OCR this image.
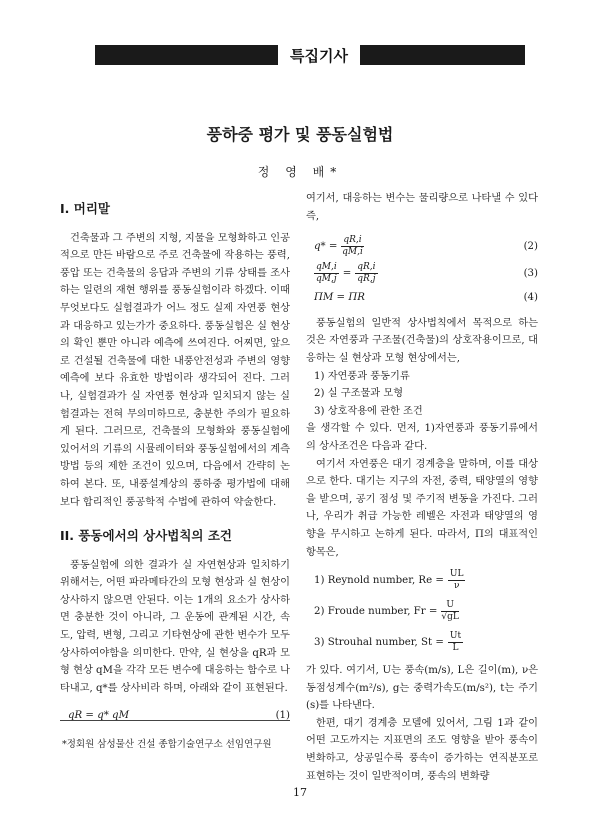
특집기사
풍하중 평가 및 풍동실험법
정 영 배*
I. 머리말

건축물과 그 주변의 지형, 지물을 모형화하고 인공적으로 만든 바람으로 주로 건축물에 작용하는 풍력, 풍압 또는 건축물의 응답과 주변의 기류 상태를 조사하는 일련의 재현 행위를 풍동실험이라 하겠다. 이때 무엇보다도 실험결과가 어느 정도 실제 자연풍 현상과 대응하고 있는가가 중요하다. 풍동실험은 실 현상의 확인 뿐만 아니라 예측에 쓰여진다. 어찌면, 앞으로 건설될 건축물에 대한 내풍안전성과 주변의 영향 예측에 보다 유효한 방법이라 생각되어 진다. 그러나, 실험결과가 실 자연풍 현상과 일치되지 않는 실험결과는 전혀 무의미하므로, 충분한 주의가 필요하게 된다. 그러므로, 건축물의 모형화와 풍동실험에 있어서의 기류의 시뮬레이터와 풍동실험에서의 계측방법 등의 제한 조건이 있으며, 다음에서 간략히 논하여 본다. 또, 내풍설계상의 풍하중 평가법에 대해 보다 합리적인 풍공학적 수법에 관하여 약술한다.

II. 풍동에서의 상사법칙의 조건

풍동실험에 의한 결과가 실 자연현상과 일치하기 위해서는, 어떤 파라메타간의 모형 현상과 실 현상이 상사하지 않으면 안된다. 이는 1개의 요소가 상사하면 충분한 것이 아니라, 그 운동에 관계된 시간, 속도, 압력, 변형, 그리고 기타현상에 관한 변수가 모두 상사하여야함을 의미한다. 만약, 실 현상을 qR과 모형 현상 qM을 각각 모든 변수에 대응하는 함수로 나타내고, q*를 상사비라 하며, 아래와 같이 표현된다.

qR = q* qM	(1)

여기서, 대응하는 변수는 물리량으로 나타낼 수 있다 즉,

$q* = \frac{qR,i}{qM,i}$	(2)
$\frac{qM,i}{qM,j} = \frac{qR,i}{qR,j}$	(3)
ΠM = ΠR	(4)

풍동실험의 일반적 상사법칙에서 목적으로 하는 것은 자연풍과 구조물(건축물)의 상호작용이므로, 대응하는 실 현상과 모형 현상에서는,

1) 자연풍과 풍동기류
2) 실 구조물과 모형
3) 상호작용에 관한 조건

을 생각할 수 있다. 먼저, 1)자연풍과 풍동기류에서의 상사조건은 다음과 같다.

여기서 자연풍은 대기 경계층을 말하며, 이를 대상으로 한다. 대기는 지구의 자전, 중력, 태양열의 영향을 받으며, 공기 점성 및 주기적 변동을 가진다. 그러나, 우리가 취급 가능한 레벨은 자전과 태양열의 영향을 무시하고 논하게 된다. 따라서, Π의 대표적인 항목은,

1) Reynold number, $Re = \frac{UL}{\nu}$
2) Froude number, $Fr = \frac{U}{√gL}$
3) Strouhal number, $St = \frac{Ut}{L}$

가 있다. 여기서, U는 풍속(m/s), L은 길이(m), ν은 동점성계수(m²/s), g는 중력가속도(m/s²), t는 주기(s)를 나타낸다.

한편, 대기 경계층 모델에 있어서, 그림 1과 같이 어떤 고도까지는 지표면의 조도 영향을 받아 풍속이 변화하고, 상공일수록 풍속이 증가하는 연직분포로 표현하는 것이 일반적이며, 풍속의 변화량

*정회원 삼성물산 건설 종합기술연구소 선임연구원
17
